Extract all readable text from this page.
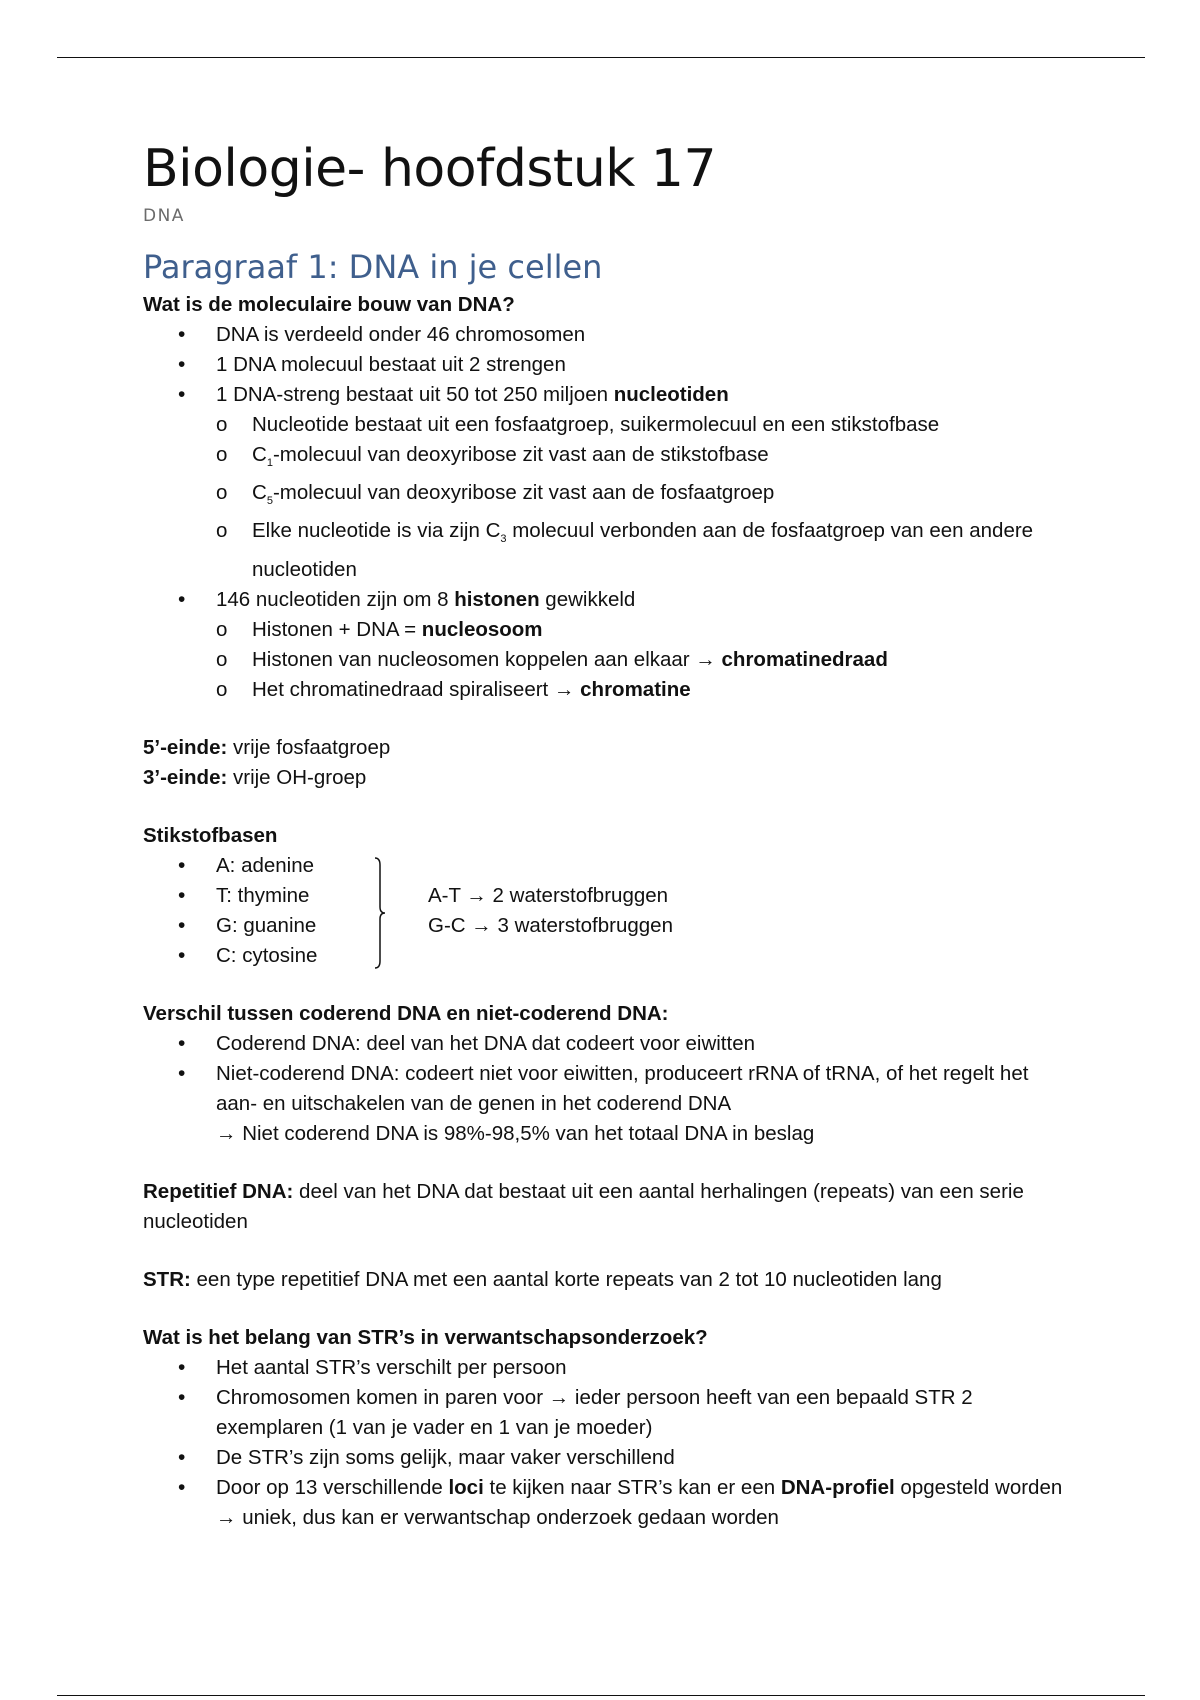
Biologie- hoofdstuk 17
DNA
Paragraaf 1: DNA in je cellen

Wat is de moleculaire bouw van DNA?

• DNA is verdeeld onder 46 chromosomen
• 1 DNA molecuul bestaat uit 2 strengen
• 1 DNA-streng bestaat uit 50 tot 250 miljoen nucleotiden
o Nucleotide bestaat uit een fosfaatgroep, suikermolecuul en een stikstofbase
o $C_1$-molecuul van deoxyribose zit vast aan de stikstofbase
o $C_5$-molecuul van deoxyribose zit vast aan de fosfaatgroep
o Elke nucleotide is via zijn $C_3$ molecuul verbonden aan de fosfaatgroep van een andere nucleotiden
• 146 nucleotiden zijn om 8 histonen gewikkeld
o Histonen + DNA = nucleosoom
o Histonen van nucleosomen koppelen aan elkaar → chromatinedraad
o Het chromatinedraad spiraliseert → chromatine

5’-einde: vrije fosfaatgroep

3’-einde: vrije OH-groep

Stikstofbasen

• A: adenine
• T: thymine
• G: guanine
• C: cytosine

A-T → 2 waterstofbruggen

G-C → 3 waterstofbruggen

Verschil tussen coderend DNA en niet-coderend DNA:

• Coderend DNA: deel van het DNA dat codeert voor eiwitten
• Niet-coderend DNA: codeert niet voor eiwitten, produceert rRNA of tRNA, of het regelt het aan- en uitschakelen van de genen in het coderend DNA
→ Niet coderend DNA is 98%-98,5% van het totaal DNA in beslag

Repetitief DNA: deel van het DNA dat bestaat uit een aantal herhalingen (repeats) van een serie nucleotiden

STR: een type repetitief DNA met een aantal korte repeats van 2 tot 10 nucleotiden lang

Wat is het belang van STR’s in verwantschapsonderzoek?

• Het aantal STR’s verschilt per persoon
• Chromosomen komen in paren voor → ieder persoon heeft van een bepaald STR 2 exemplaren (1 van je vader en 1 van je moeder)
• De STR’s zijn soms gelijk, maar vaker verschillend
• Door op 13 verschillende loci te kijken naar STR’s kan er een DNA-profiel opgesteld worden → uniek, dus kan er verwantschap onderzoek gedaan worden
